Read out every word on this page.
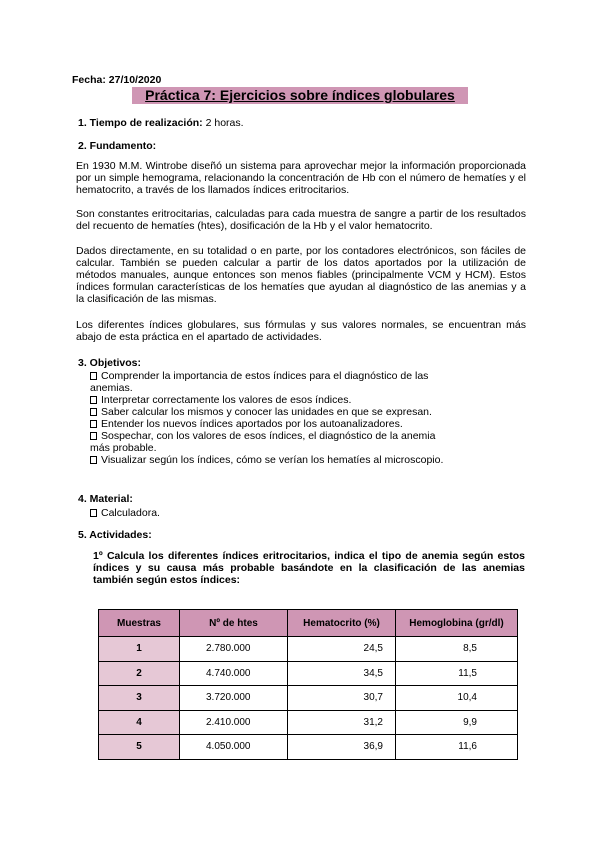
Fecha: 27/10/2020
Práctica 7: Ejercicios sobre índices globulares
1. Tiempo de realización: 2 horas.
2. Fundamento:
En 1930 M.M. Wintrobe diseñó un sistema para aprovechar mejor la información proporcionada por un simple hemograma, relacionando la concentración de Hb con el número de hematíes y el hematocrito, a través de los llamados índices eritrocitarios.
Son constantes eritrocitarias, calculadas para cada muestra de sangre a partir de los resultados del recuento de hematíes (htes), dosificación de la Hb y el valor hematocrito.
Dados directamente, en su totalidad o en parte, por los contadores electrónicos, son fáciles de calcular. También se pueden calcular a partir de los datos aportados por la utilización de métodos manuales, aunque entonces son menos fiables (principalmente VCM y HCM). Estos índices formulan características de los hematíes que ayudan al diagnóstico de las anemias y a la clasificación de las mismas.
Los diferentes índices globulares, sus fórmulas y sus valores normales, se encuentran más abajo de esta práctica en el apartado de actividades.
3. Objetivos:
Comprender la importancia de estos índices para el diagnóstico de las anemias.
Interpretar correctamente los valores de esos índices.
Saber calcular los mismos y conocer las unidades en que se expresan.
Entender los nuevos índices aportados por los autoanalizadores.
Sospechar, con los valores de esos índices, el diagnóstico de la anemia más probable.
Visualizar según los índices, cómo se verían los hematíes al microscopio.
4. Material:
Calculadora.
5. Actividades:
1º Calcula los diferentes índices eritrocitarios, indica el tipo de anemia según estos índices y su causa más probable basándote en la clasificación de las anemias también según estos índices:
Muestras	Nº de htes	Hematocrito (%)	Hemoglobina (gr/dl)
1	2.780.000	24,5	8,5
2	4.740.000	34,5	11,5
3	3.720.000	30,7	10,4
4	2.410.000	31,2	9,9
5	4.050.000	36,9	11,6
